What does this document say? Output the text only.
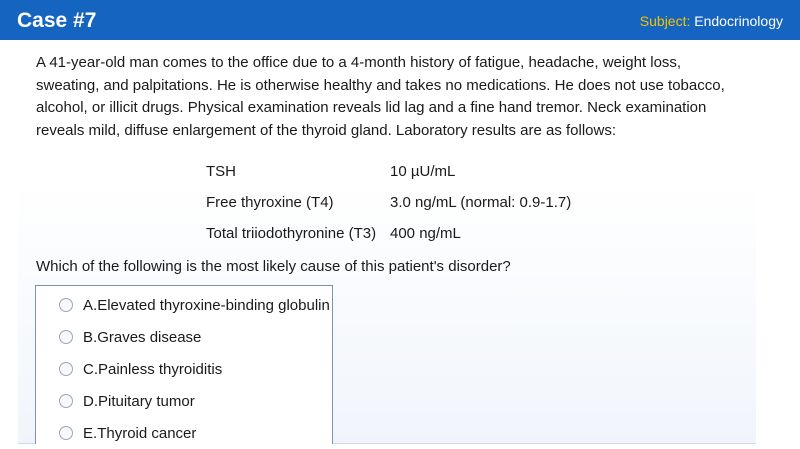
Case #7	Subject: Endocrinology
A 41-year-old man comes to the office due to a 4-month history of fatigue, headache, weight loss, sweating, and palpitations. He is otherwise healthy and takes no medications. He does not use tobacco, alcohol, or illicit drugs. Physical examination reveals lid lag and a fine hand tremor. Neck examination reveals mild, diffuse enlargement of the thyroid gland. Laboratory results are as follows:
TSH	10 µU/mL
Free thyroxine (T4)	3.0 ng/mL (normal: 0.9-1.7)
Total triiodothyronine (T3)	400 ng/mL
Which of the following is the most likely cause of this patient's disorder?
A. Elevated thyroxine-binding globulin
B. Graves disease
C. Painless thyroiditis
D. Pituitary tumor
E. Thyroid cancer
